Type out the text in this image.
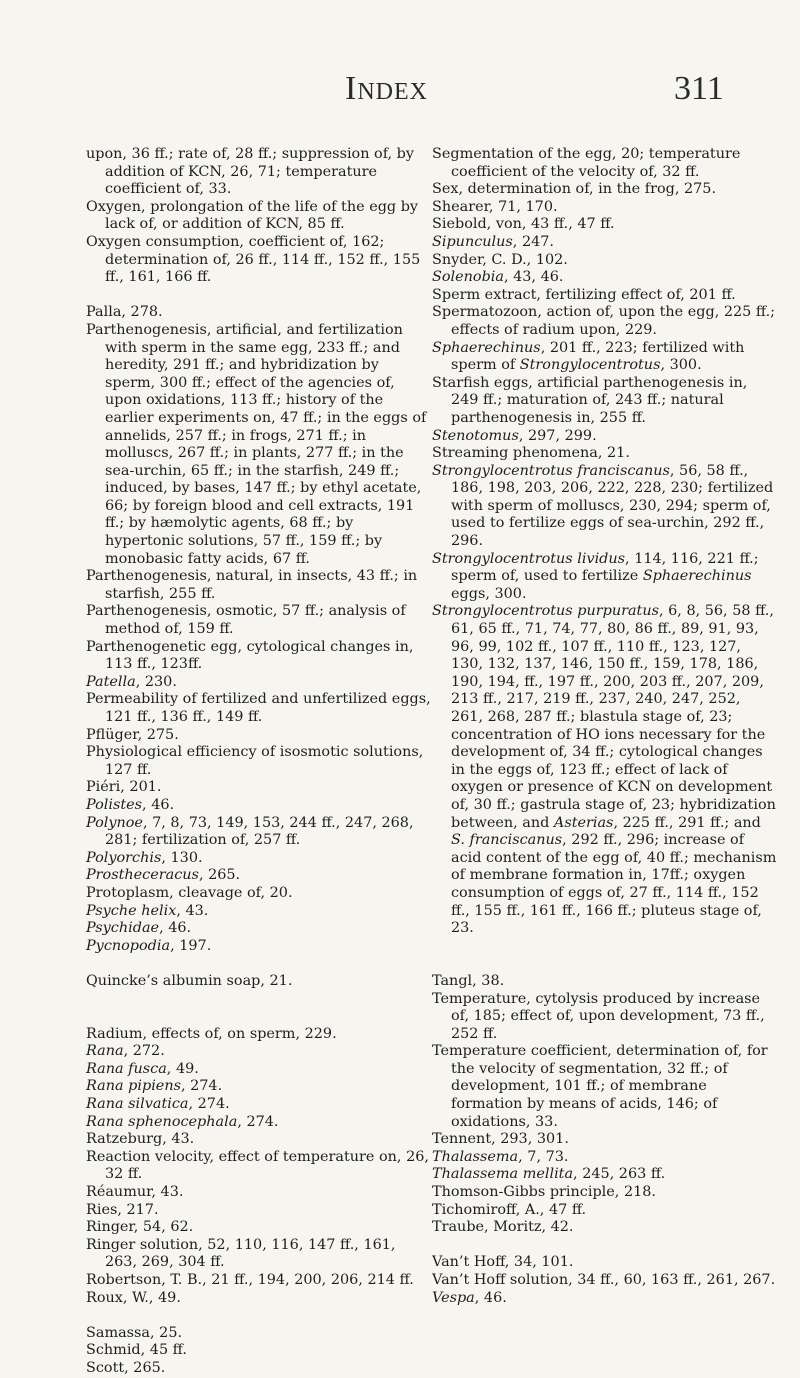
Index	311
upon, 36 ff.; rate of, 28 ff.; suppression of, by addition of KCN, 26, 71; temperature coefficient of, 33.
Oxygen, prolongation of the life of the egg by lack of, or addition of KCN, 85 ff.
Oxygen consumption, coefficient of, 162; determination of, 26 ff., 114 ff., 152 ff., 155 ff., 161, 166 ff.
Palla, 278.
Parthenogenesis, artificial, and fertilization with sperm in the same egg, 233 ff.; and heredity, 291 ff.; and hybridization by sperm, 300 ff.; effect of the agencies of, upon oxidations, 113 ff.; history of the earlier experiments on, 47 ff.; in the eggs of annelids, 257 ff.; in frogs, 271 ff.; in molluscs, 267 ff.; in plants, 277 ff.; in the sea-urchin, 65 ff.; in the starfish, 249 ff.; induced, by bases, 147 ff.; by ethyl acetate, 66; by foreign blood and cell extracts, 191 ff.; by hæmolytic agents, 68 ff.; by hypertonic solutions, 57 ff., 159 ff.; by monobasic fatty acids, 67 ff.
Parthenogenesis, natural, in insects, 43 ff.; in starfish, 255 ff.
Parthenogenesis, osmotic, 57 ff.; analysis of method of, 159 ff.
Parthenogenetic egg, cytological changes in, 113 ff., 123ff.
Patella, 230.
Permeability of fertilized and unfertilized eggs, 121 ff., 136 ff., 149 ff.
Pflüger, 275.
Physiological efficiency of isosmotic solutions, 127 ff.
Piéri, 201.
Polistes, 46.
Polynoe, 7, 8, 73, 149, 153, 244 ff., 247, 268, 281; fertilization of, 257 ff.
Polyorchis, 130.
Prostheceracus, 265.
Protoplasm, cleavage of, 20.
Psyche helix, 43.
Psychidae, 46.
Pycnopodia, 197.
Quincke’s albumin soap, 21.
Radium, effects of, on sperm, 229.
Rana, 272.
Rana fusca, 49.
Rana pipiens, 274.
Rana silvatica, 274.
Rana sphenocephala, 274.
Ratzeburg, 43.
Reaction velocity, effect of temperature on, 26, 32 ff.
Réaumur, 43.
Ries, 217.
Ringer, 54, 62.
Ringer solution, 52, 110, 116, 147 ff., 161, 263, 269, 304 ff.
Robertson, T. B., 21 ff., 194, 200, 206, 214 ff.
Roux, W., 49.
Samassa, 25.
Schmid, 45 ff.
Scott, 265.
Segmentation of the egg, 20; temperature coefficient of the velocity of, 32 ff.
Sex, determination of, in the frog, 275.
Shearer, 71, 170.
Siebold, von, 43 ff., 47 ff.
Sipunculus, 247.
Snyder, C. D., 102.
Solenobia, 43, 46.
Sperm extract, fertilizing effect of, 201 ff.
Spermatozoon, action of, upon the egg, 225 ff.; effects of radium upon, 229.
Sphaerechinus, 201 ff., 223; fertilized with sperm of Strongylocentrotus, 300.
Starfish eggs, artificial parthenogenesis in, 249 ff.; maturation of, 243 ff.; natural parthenogenesis in, 255 ff.
Stenotomus, 297, 299.
Streaming phenomena, 21.
Strongylocentrotus franciscanus, 56, 58 ff., 186, 198, 203, 206, 222, 228, 230; fertilized with sperm of molluscs, 230, 294; sperm of, used to fertilize eggs of sea-urchin, 292 ff., 296.
Strongylocentrotus lividus, 114, 116, 221 ff.; sperm of, used to fertilize Sphaerechinus eggs, 300.
Strongylocentrotus purpuratus, 6, 8, 56, 58 ff., 61, 65 ff., 71, 74, 77, 80, 86 ff., 89, 91, 93, 96, 99, 102 ff., 107 ff., 110 ff., 123, 127, 130, 132, 137, 146, 150 ff., 159, 178, 186, 190, 194, ff., 197 ff., 200, 203 ff., 207, 209, 213 ff., 217, 219 ff., 237, 240, 247, 252, 261, 268, 287 ff.; blastula stage of, 23; concentration of HO ions necessary for the development of, 34 ff.; cytological changes in the eggs of, 123 ff.; effect of lack of oxygen or presence of KCN on development of, 30 ff.; gastrula stage of, 23; hybridization between, and Asterias, 225 ff., 291 ff.; and S. franciscanus, 292 ff., 296; increase of acid content of the egg of, 40 ff.; mechanism of membrane formation in, 17ff.; oxygen consumption of eggs of, 27 ff., 114 ff., 152 ff., 155 ff., 161 ff., 166 ff.; pluteus stage of, 23.
Tangl, 38.
Temperature, cytolysis produced by increase of, 185; effect of, upon development, 73 ff., 252 ff.
Temperature coefficient, determination of, for the velocity of segmentation, 32 ff.; of development, 101 ff.; of membrane formation by means of acids, 146; of oxidations, 33.
Tennent, 293, 301.
Thalassema, 7, 73.
Thalassema mellita, 245, 263 ff.
Thomson-Gibbs principle, 218.
Tichomiroff, A., 47 ff.
Traube, Moritz, 42.
Van’t Hoff, 34, 101.
Van’t Hoff solution, 34 ff., 60, 163 ff., 261, 267.
Vespa, 46.
